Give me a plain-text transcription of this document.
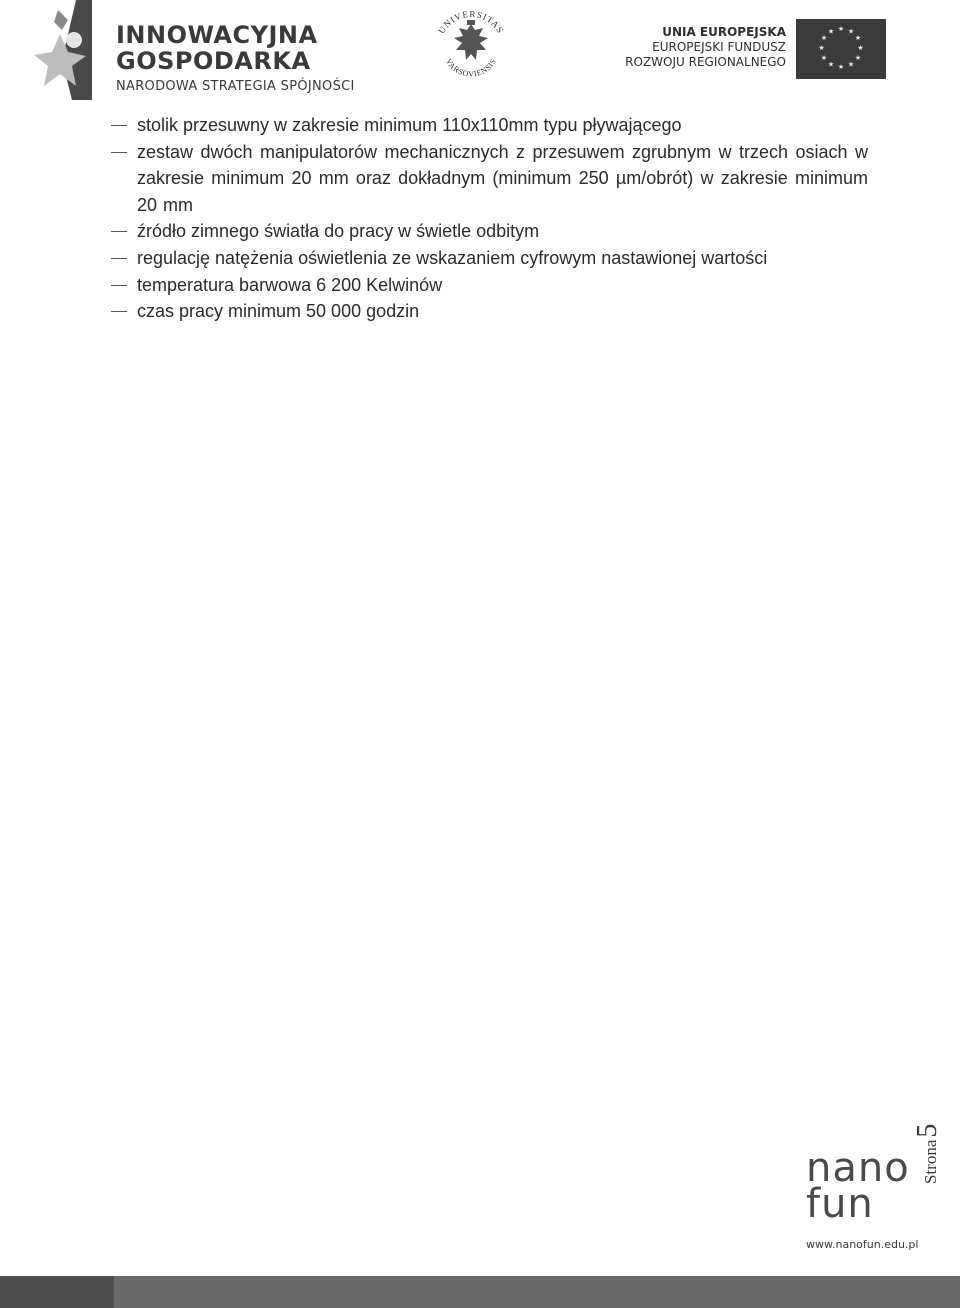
INNOWACYJNA
GOSPODARKA
NARODOWA STRATEGIA SPÓJNOŚCI
UNIVERSITAS
VARSOVIENSIS
UNIA EUROPEJSKA
EUROPEJSKI FUNDUSZ
ROZWOJU REGIONALNEGO
★ ★
★
★
★
★
★
★
★
★
★
★
stolik przesuwny w zakresie minimum 110x110mm typu pływającego
zestaw dwóch manipulatorów mechanicznych z przesuwem zgrubnym w trzech osiach w zakresie minimum 20 mm oraz dokładnym (minimum 250 µm/obrót) w zakresie minimum 20 mm
źródło zimnego światła do pracy w świetle odbitym
regulację natężenia oświetlenia ze wskazaniem cyfrowym nastawionej wartości
temperatura barwowa 6 200 Kelwinów
czas pracy minimum 50 000 godzin
Strona5
nano
fun
www.nanofun.edu.pl
